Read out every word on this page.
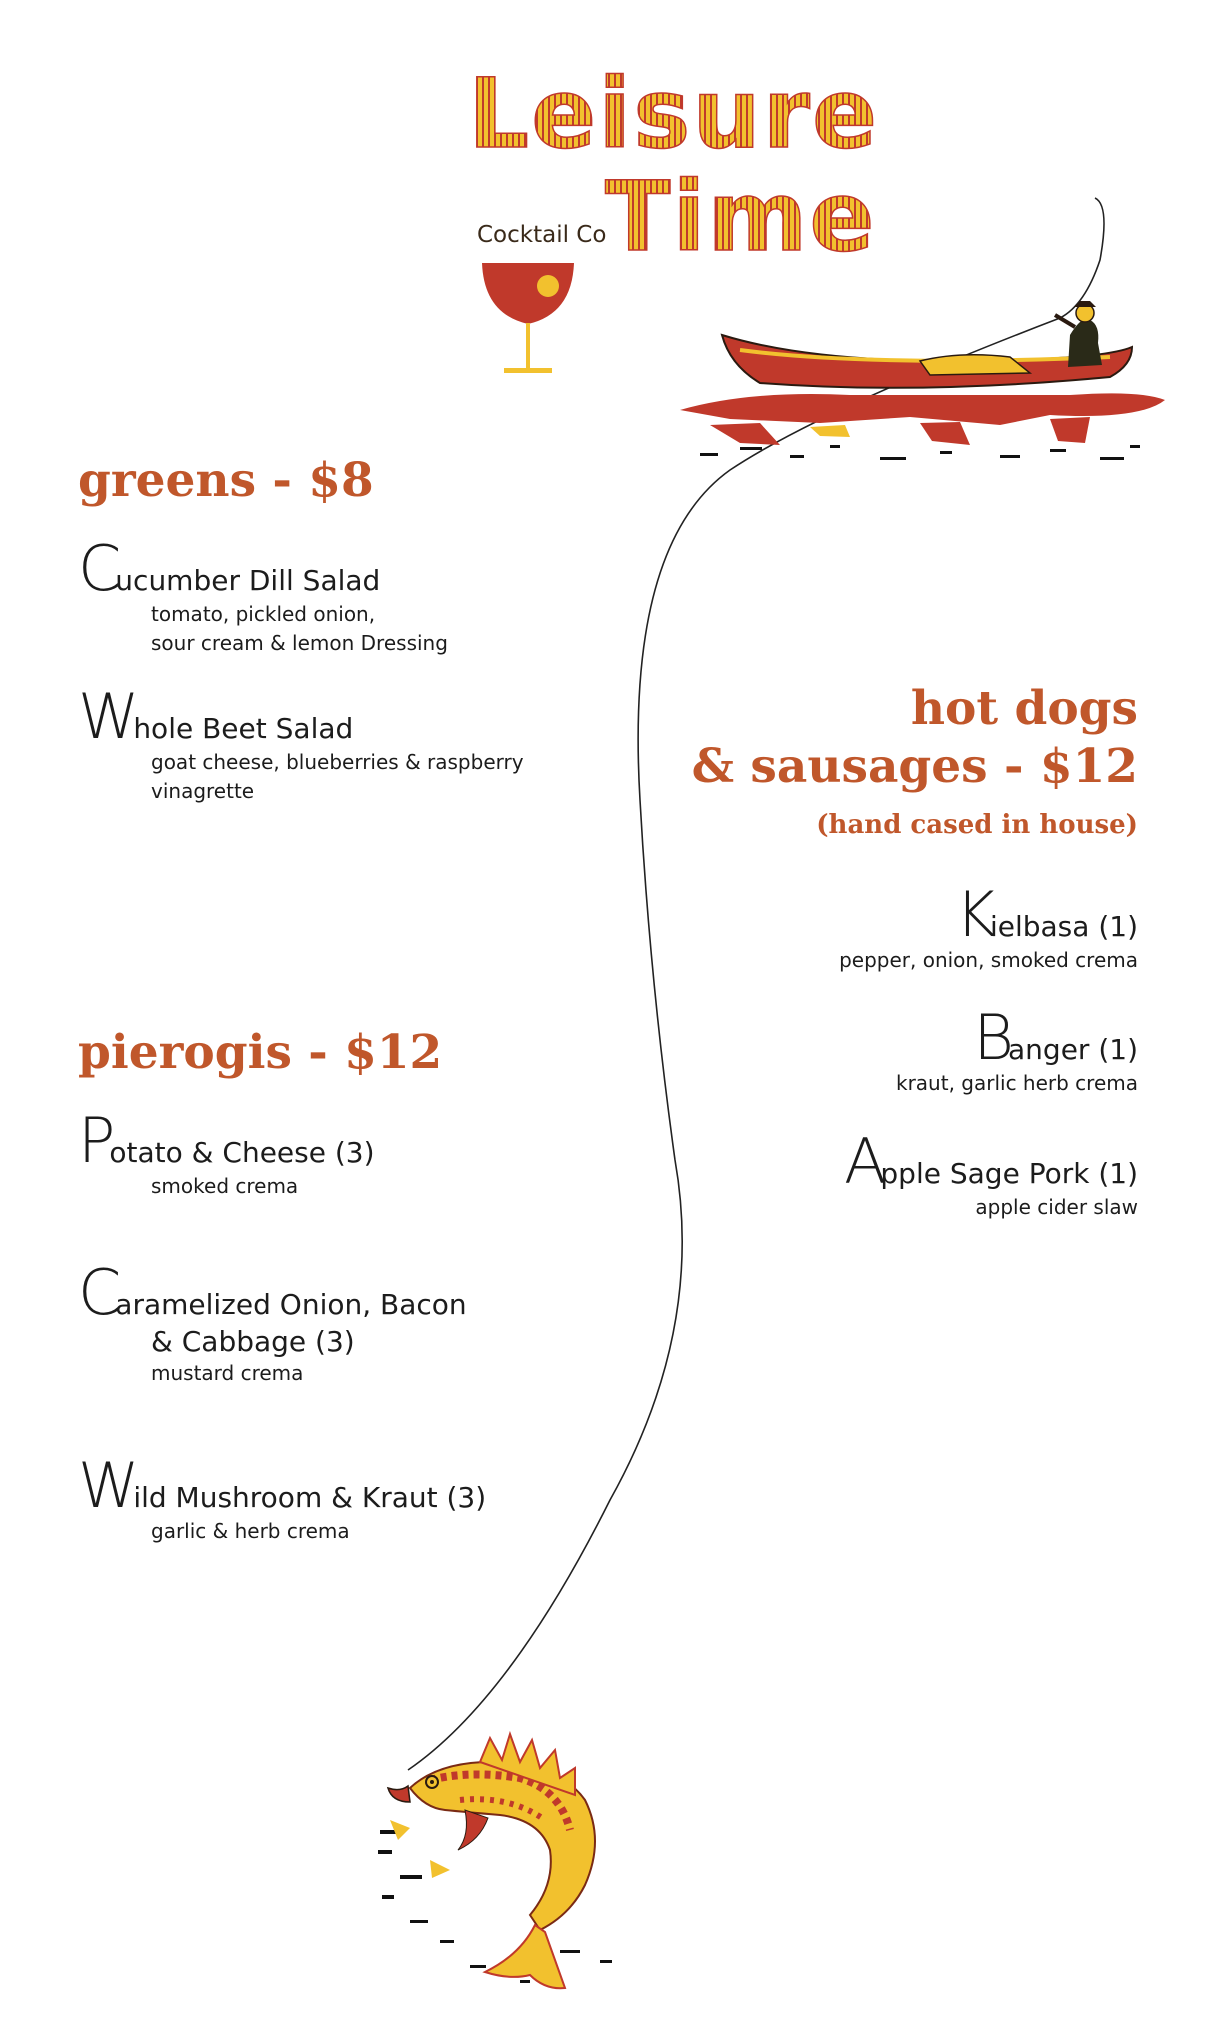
Leisure
Time
Cocktail Co
greens - $8
Cucumber Dill Salad
tomato, pickled onion,
sour cream & lemon Dressing
Whole Beet Salad
goat cheese, blueberries & raspberry
vinagrette
pierogis - $12
Potato & Cheese (3)
smoked crema
Caramelized Onion, Bacon
& Cabbage (3)
mustard crema
Wild Mushroom & Kraut (3)
garlic & herb crema
hot dogs
& sausages - $12
(hand cased in house)
Kielbasa (1)
pepper, onion, smoked crema
Banger (1)
kraut, garlic herb crema
Apple Sage Pork (1)
apple cider slaw
